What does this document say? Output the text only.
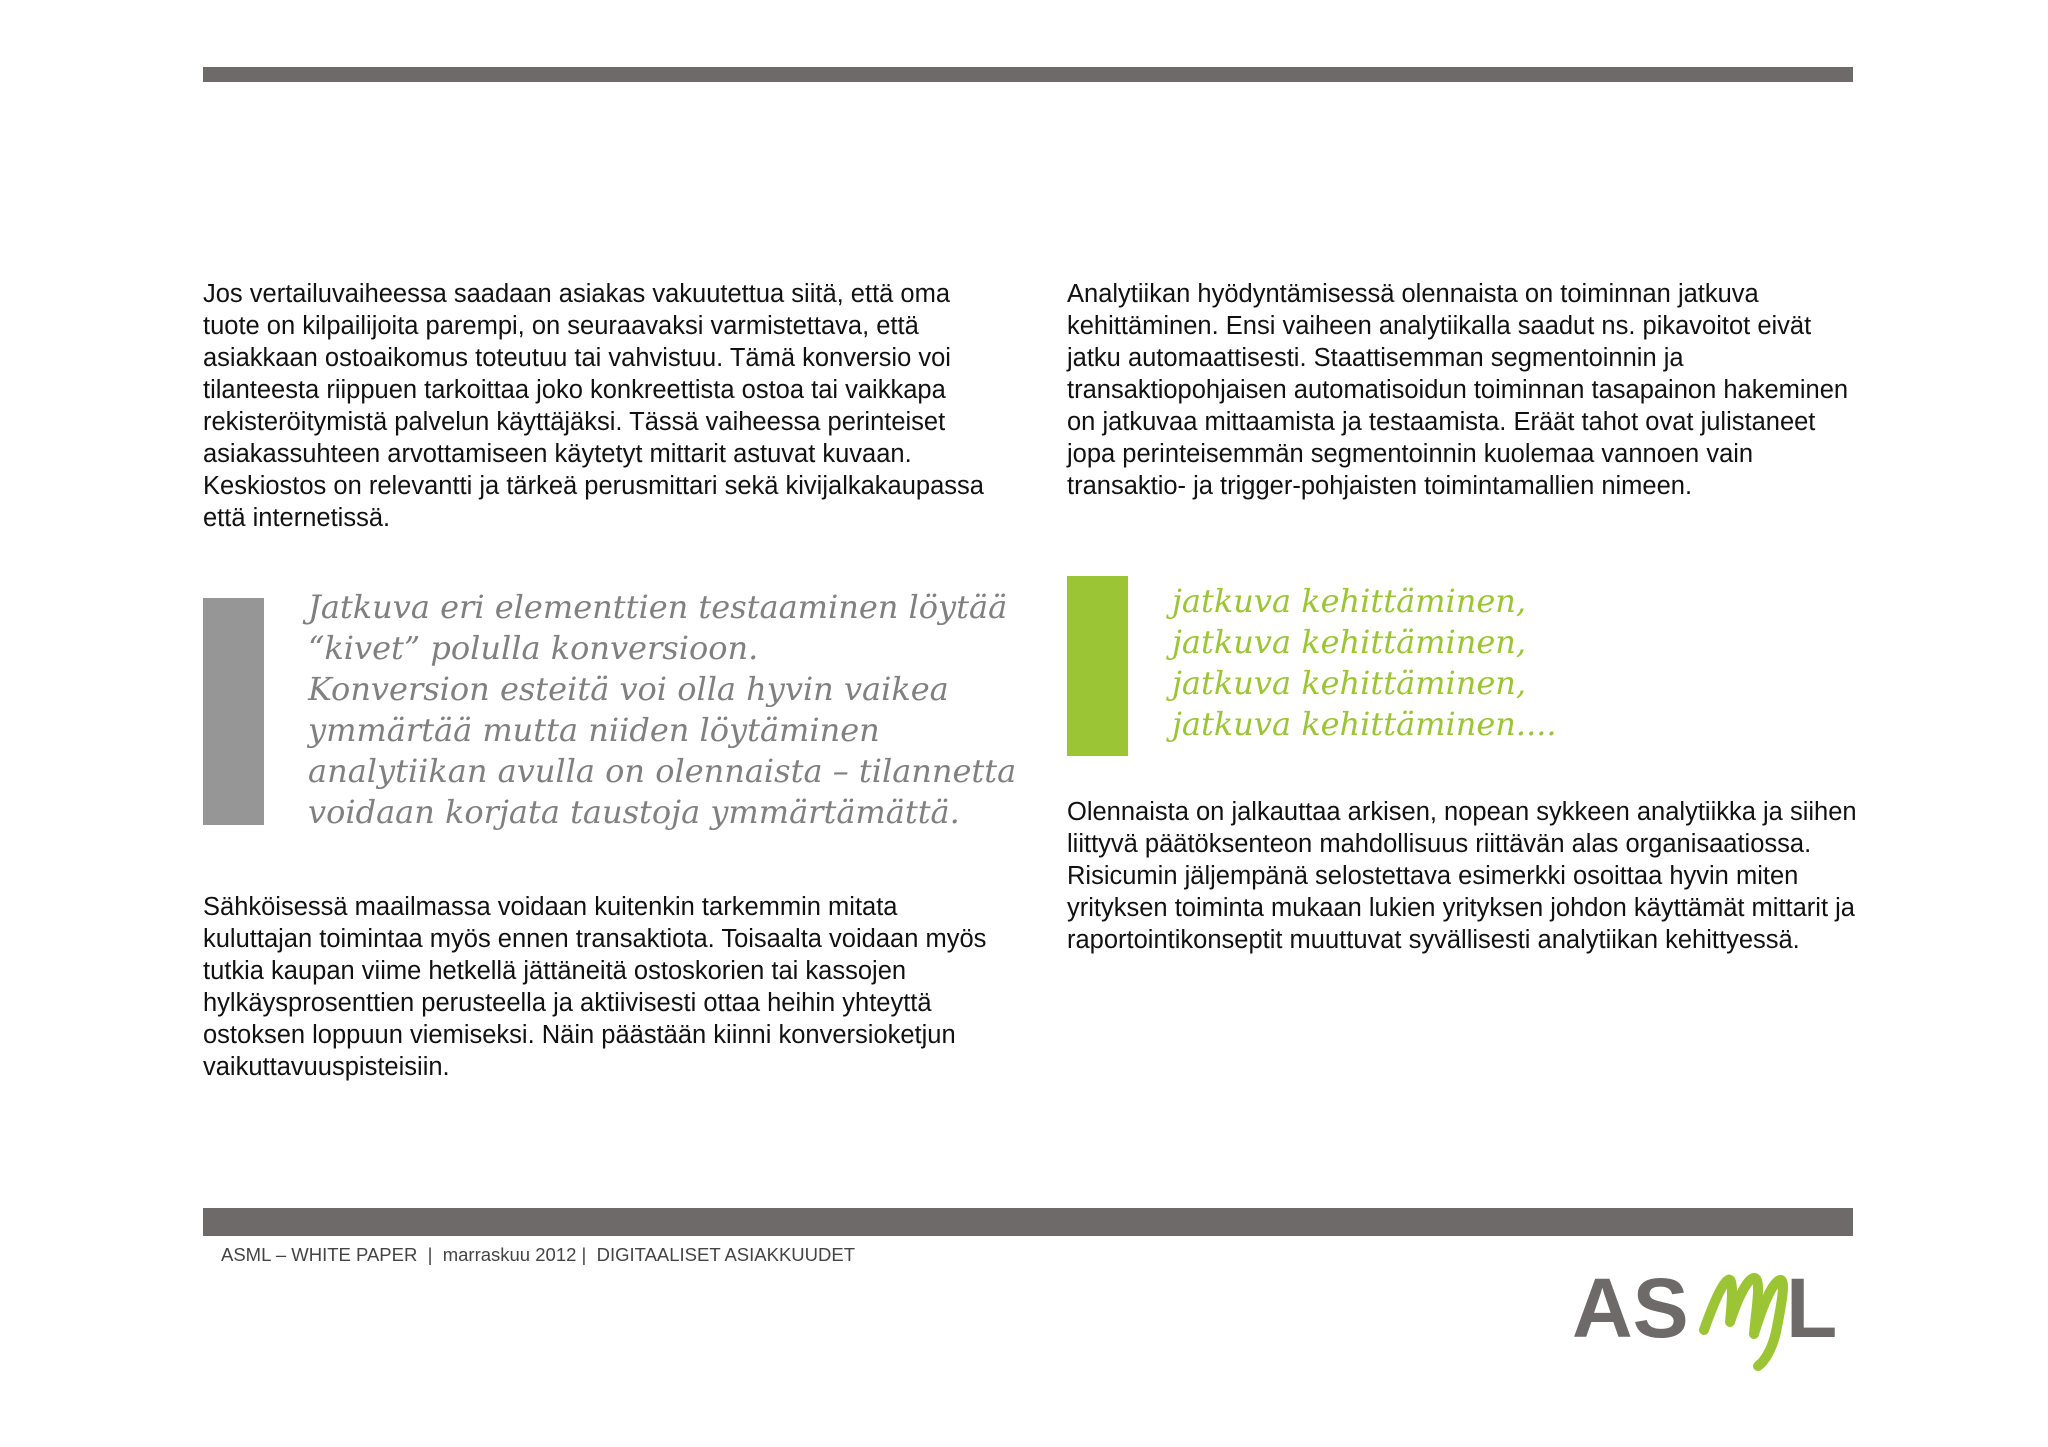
Jos vertailuvaiheessa saadaan asiakas vakuutettua siitä, että oma tuote on kilpailijoita parempi, on seuraavaksi varmistettava, että asiakkaan ostoaikomus toteutuu tai vahvistuu. Tämä konversio voi tilanteesta riippuen tarkoittaa joko konkreettista ostoa tai vaikkapa rekisteröitymistä palvelun käyttäjäksi. Tässä vaiheessa perinteiset asiakassuhteen arvottamiseen käytetyt mittarit astuvat kuvaan. Keskiostos on relevantti ja tärkeä perusmittari sekä kivijalkakaupassa että internetissä.

Jatkuva eri elementtien testaaminen löytää
“kivet” polulla konversioon.
Konversion esteitä voi olla hyvin vaikea
ymmärtää mutta niiden löytäminen
analytiikan avulla on olennaista – tilannetta
voidaan korjata taustoja ymmärtämättä.

Sähköisessä maailmassa voidaan kuitenkin tarkemmin mitata kuluttajan toimintaa myös ennen transaktiota. Toisaalta voidaan myös tutkia kaupan viime hetkellä jättäneitä ostoskorien tai kassojen hylkäysprosenttien perusteella ja aktiivisesti ottaa heihin yhteyttä ostoksen loppuun viemiseksi. Näin päästään kiinni konversioketjun vaikuttavuuspisteisiin.

Analytiikan hyödyntämisessä olennaista on toiminnan jatkuva kehittäminen. Ensi vaiheen analytiikalla saadut ns. pikavoitot eivät jatku automaattisesti. Staattisemman segmentoinnin ja transaktiopohjaisen automatisoidun toiminnan tasapainon hakeminen on jatkuvaa mittaamista ja testaamista. Eräät tahot ovat julistaneet jopa perinteisemmän segmentoinnin kuolemaa vannoen vain transaktio- ja trigger-pohjaisten toimintamallien nimeen.

jatkuva kehittäminen,
jatkuva kehittäminen,
jatkuva kehittäminen,
jatkuva kehittäminen....

Olennaista on jalkauttaa arkisen, nopean sykkeen analytiikka ja siihen liittyvä päätöksenteon mahdollisuus riittävän alas organisaatiossa. Risicumin jäljempänä selostettava esimerkki osoittaa hyvin miten yrityksen toiminta mukaan lukien yrityksen johdon käyttämät mittarit ja raportointikonseptit muuttuvat syvällisesti analytiikan kehittyessä.

ASML – WHITE PAPER  |  marraskuu 2012 |  DIGITAALISET ASIAKKUUDET
AS L
